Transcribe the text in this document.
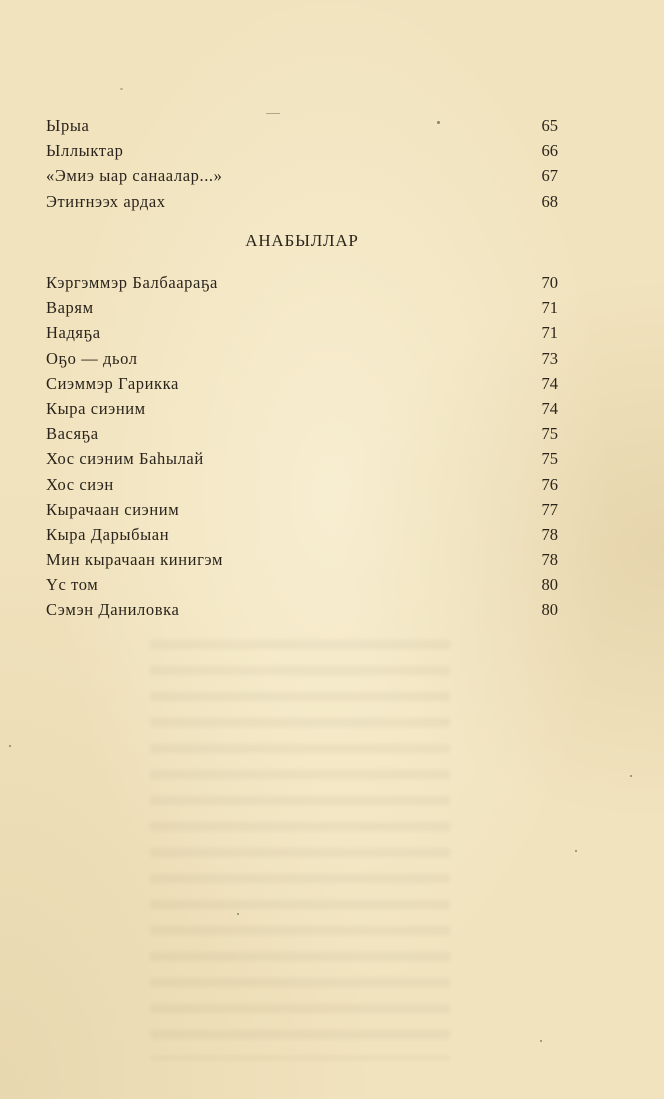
Ырыа	65
Ыллыктар	66
«Эмиэ ыар санаалар...»	67
Этиҥнээх ардах	68
АНАБЫЛЛАР
Кэргэммэр Балбаараҕа	70
Варям	71
Надяҕа	71
Оҕо — дьол	73
Сиэммэр Гарикка	74
Кыра сиэним	74
Васяҕа	75
Хос сиэним Баһылай	75
Хос сиэн	76
Кырачаан сиэним	77
Кыра Дарыбыан	78
Мин кырачаан кинигэм	78
Үс том	80
Сэмэн Даниловка	80
